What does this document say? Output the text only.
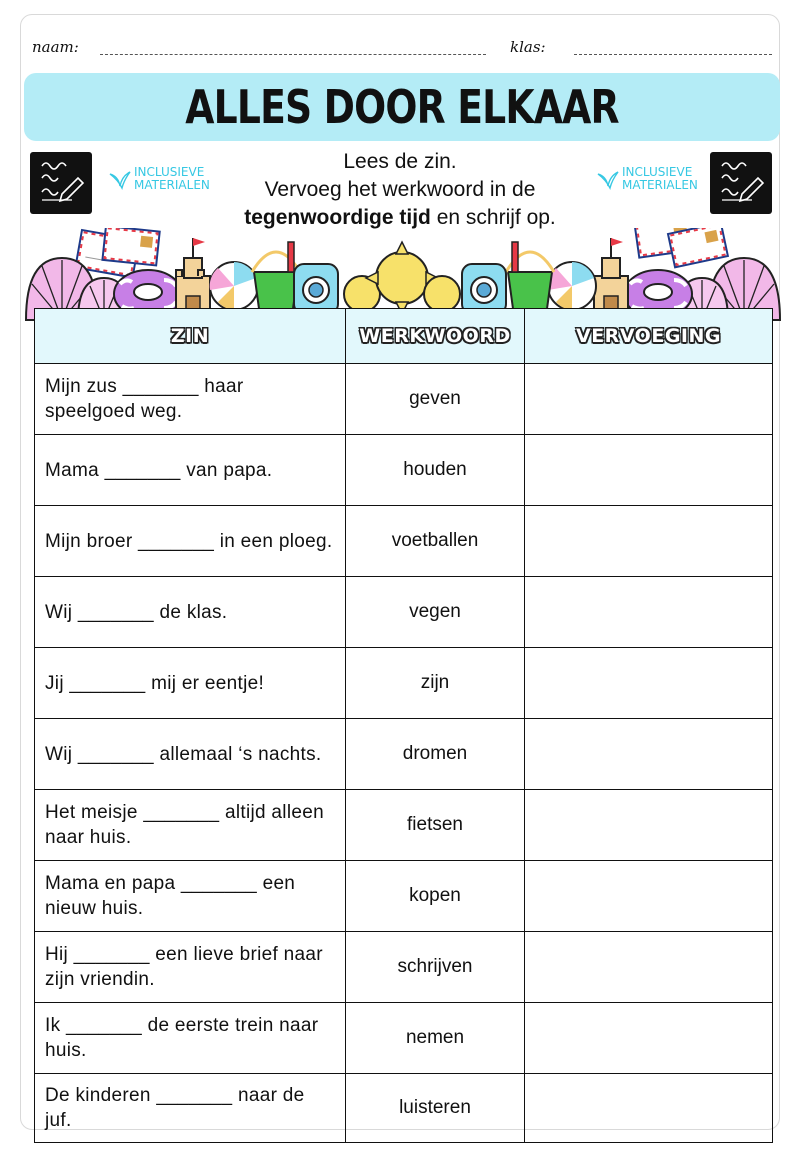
naam:	klas:
ALLES DOOR ELKAAR
INCLUSIEVE
MATERIALEN
INCLUSIEVE
MATERIALEN
Lees de zin.
Vervoeg het werkwoord in de
tegenwoordige tijd en schrijf op.
ZIN	WERKWOORD	VERVOEGING
Mijn zus _______ haar speelgoed weg.	geven	
Mama _______ van papa.	houden	
Mijn broer _______ in een ploeg.	voetballen	
Wij _______ de klas.	vegen	
Jij _______ mij er eentje!	zijn	
Wij _______ allemaal ‘s nachts.	dromen	
Het meisje _______ altijd alleen naar huis.	fietsen	
Mama en papa _______ een nieuw huis.	kopen	
Hij _______ een lieve brief naar zijn vriendin.	schrijven	
Ik _______ de eerste trein naar huis.	nemen	
De kinderen _______ naar de juf.	luisteren	
